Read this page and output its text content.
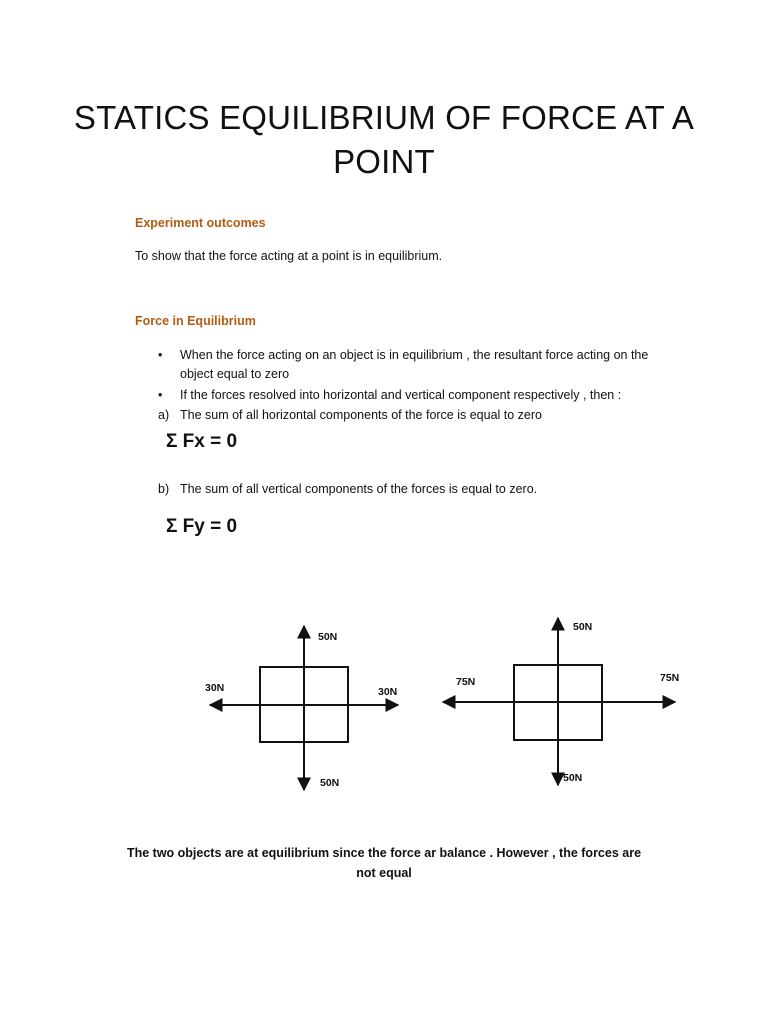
STATICS EQUILIBRIUM OF FORCE AT A POINT

Experiment outcomes

To show that the force acting at a point is in equilibrium.

Force in Equilibrium

• When the force acting on an object is in equilibrium , the resultant force acting on the object equal to zero
• If the forces resolved into horizontal and vertical component respectively , then :
a) The sum of all horizontal components of the force is equal to zero

Σ Fx = 0

b) The sum of all vertical components of the forces is equal to zero.

Σ Fy = 0

50N
50N
30N	30N
50N
50N
75N	75N

The two objects are at equilibrium since the force ar balance . However , the forces are not equal
